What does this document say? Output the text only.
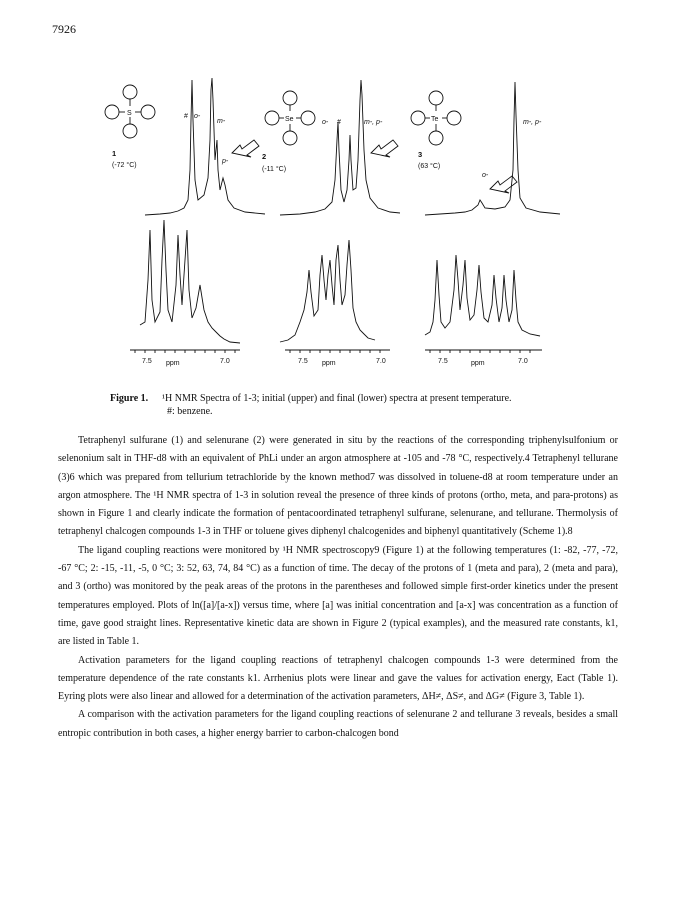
7926
S
Se	Te
1
(-72 °C)
2
(-11 °C)
3
(63 °C)
# o-
m-
p-
o- #	m-, p-	m-, p-
o-
7.5 ppm	7.0	7.5 ppm	7.0	7.5	ppm	7.0
Figure 1. ¹H NMR Spectra of 1-3; initial (upper) and final (lower) spectra at present temperature.
#: benzene.

Tetraphenyl sulfurane (1) and selenurane (2) were generated in situ by the reactions of the corresponding triphenylsulfonium or selenonium salt in THF-d8 with an equivalent of PhLi under an argon atmosphere at -105 and -78 °C, respectively.4 Tetraphenyl tellurane (3)6 which was prepared from tellurium tetrachloride by the known method7 was dissolved in toluene-d8 at room temperature under an argon atmosphere. The ¹H NMR spectra of 1-3 in solution reveal the presence of three kinds of protons (ortho, meta, and para-protons) as shown in Figure 1 and clearly indicate the formation of pentacoordinated tetraphenyl sulfurane, selenurane, and tellurane. Thermolysis of tetraphenyl chalcogen compounds 1-3 in THF or toluene gives diphenyl chalcogenides and biphenyl quantitatively (Scheme 1).8

The ligand coupling reactions were monitored by ¹H NMR spectroscopy9 (Figure 1) at the following temperatures (1: -82, -77, -72, -67 °C; 2: -15, -11, -5, 0 °C; 3: 52, 63, 74, 84 °C) as a function of time. The decay of the protons of 1 (meta and para), 2 (meta and para), and 3 (ortho) was monitored by the peak areas of the protons in the parentheses and followed simple first-order kinetics under the present temperatures employed. Plots of ln([a]/[a-x]) versus time, where [a] was initial concentration and [a-x] was concentration as a function of time, gave good straight lines. Representative kinetic data are shown in Figure 2 (typical examples), and the measured rate constants, k1, are listed in Table 1.

Activation parameters for the ligand coupling reactions of tetraphenyl chalcogen compounds 1-3 were determined from the temperature dependence of the rate constants k1. Arrhenius plots were linear and gave the values for activation energy, Eact (Table 1). Eyring plots were also linear and allowed for a determination of the activation parameters, ΔH≠, ΔS≠, and ΔG≠ (Figure 3, Table 1).

A comparison with the activation parameters for the ligand coupling reactions of selenurane 2 and tellurane 3 reveals, besides a small entropic contribution in both cases, a higher energy barrier to carbon-chalcogen bond
